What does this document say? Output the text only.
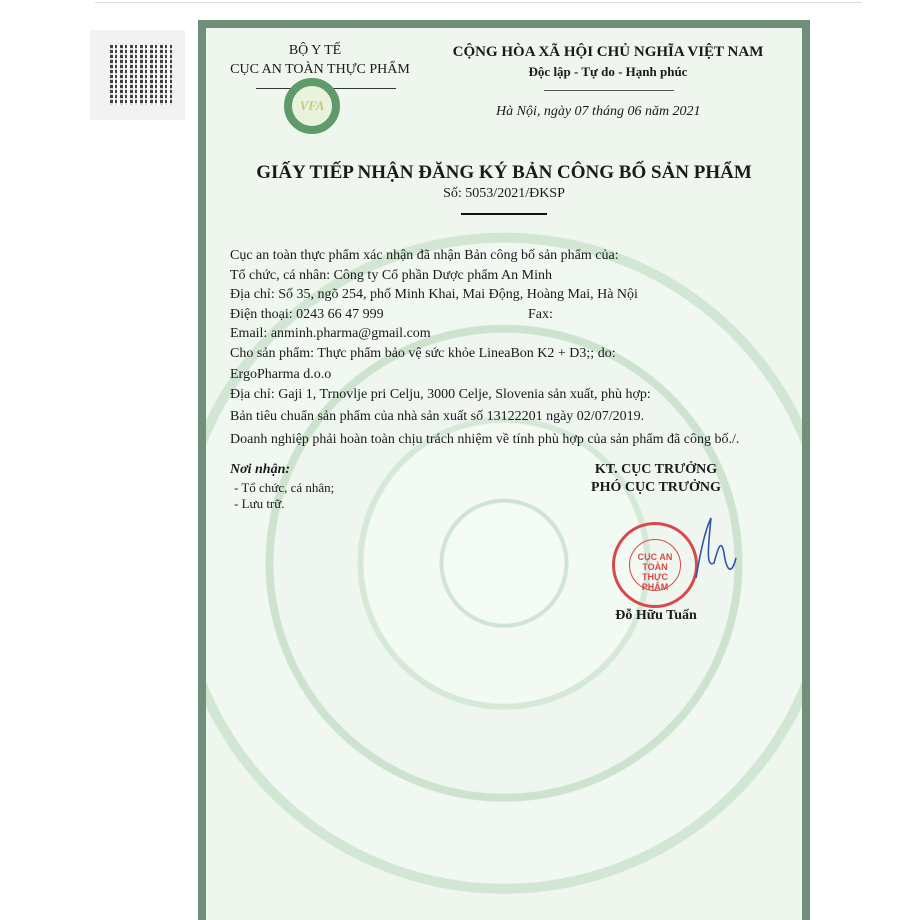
BỘ Y TẾ
CỤC AN TOÀN THỰC PHẨM
VFA
CỘNG HÒA XÃ HỘI CHỦ NGHĨA VIỆT NAM
Độc lập - Tự do - Hạnh phúc
Hà Nội, ngày 07 tháng 06 năm 2021
GIẤY TIẾP NHẬN ĐĂNG KÝ BẢN CÔNG BỐ SẢN PHẨM
Số: 5053/2021/ĐKSP
Cục an toàn thực phẩm xác nhận đã nhận Bản công bố sản phẩm của:
Tổ chức, cá nhân: Công ty Cổ phần Dược phẩm An Minh
Địa chỉ: Số 35, ngõ 254, phố Minh Khai, Mai Động, Hoàng Mai, Hà Nội
Điện thoại: 0243 66 47 999	Fax:
Email: anminh.pharma@gmail.com
Cho sản phẩm: Thực phẩm bảo vệ sức khỏe LineaBon K2 + D3;; do:
ErgoPharma d.o.o
Địa chỉ: Gaji 1, Trnovlje pri Celju, 3000 Celje, Slovenia sản xuất, phù hợp:
Bản tiêu chuẩn sản phẩm của nhà sản xuất số 13122201 ngày 02/07/2019.
Doanh nghiệp phải hoàn toàn chịu trách nhiệm về tính phù hợp của sản phẩm đã công bố./.
Nơi nhận:
- Tổ chức, cá nhân;
- Lưu trữ.
KT. CỤC TRƯỞNG
PHÓ CỤC TRƯỞNG
CỤC AN TOÀN THỰC PHẨM
Đỗ Hữu Tuấn
